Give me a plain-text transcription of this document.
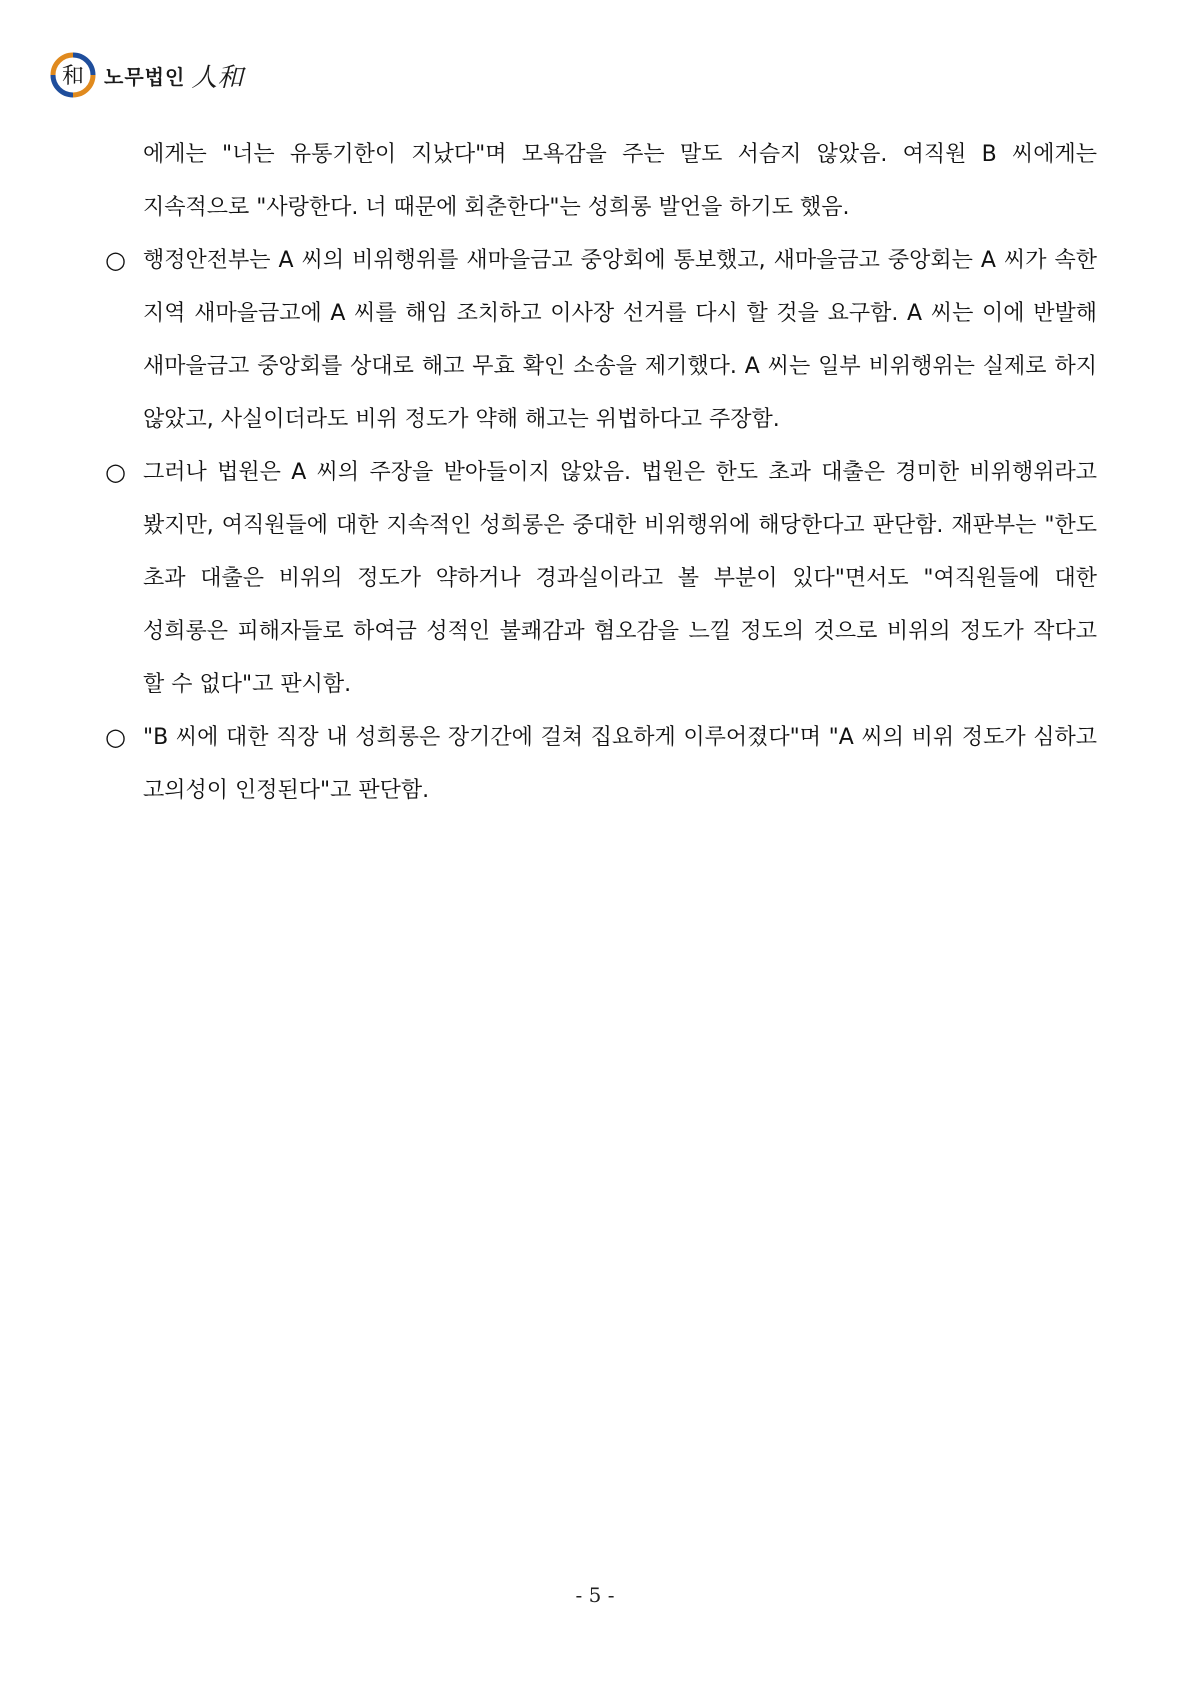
和 노무법인 人和
에게는 "너는 유통기한이 지났다"며 모욕감을 주는 말도 서슴지 않았음. 여직원 B 씨에게는 지속적으로 "사랑한다. 너 때문에 회춘한다"는 성희롱 발언을 하기도 했음.
○ 행정안전부는 A 씨의 비위행위를 새마을금고 중앙회에 통보했고, 새마을금고 중앙회는 A 씨가 속한 지역 새마을금고에 A 씨를 해임 조치하고 이사장 선거를 다시 할 것을 요구함. A 씨는 이에 반발해 새마을금고 중앙회를 상대로 해고 무효 확인 소송을 제기했다. A 씨는 일부 비위행위는 실제로 하지 않았고, 사실이더라도 비위 정도가 약해 해고는 위법하다고 주장함.
○ 그러나 법원은 A 씨의 주장을 받아들이지 않았음. 법원은 한도 초과 대출은 경미한 비위행위라고 봤지만, 여직원들에 대한 지속적인 성희롱은 중대한 비위행위에 해당한다고 판단함. 재판부는 "한도 초과 대출은 비위의 정도가 약하거나 경과실이라고 볼 부분이 있다"면서도 "여직원들에 대한 성희롱은 피해자들로 하여금 성적인 불쾌감과 혐오감을 느낄 정도의 것으로 비위의 정도가 작다고 할 수 없다"고 판시함.
○ "B 씨에 대한 직장 내 성희롱은 장기간에 걸쳐 집요하게 이루어졌다"며 "A 씨의 비위 정도가 심하고 고의성이 인정된다"고 판단함.
- 5 -
